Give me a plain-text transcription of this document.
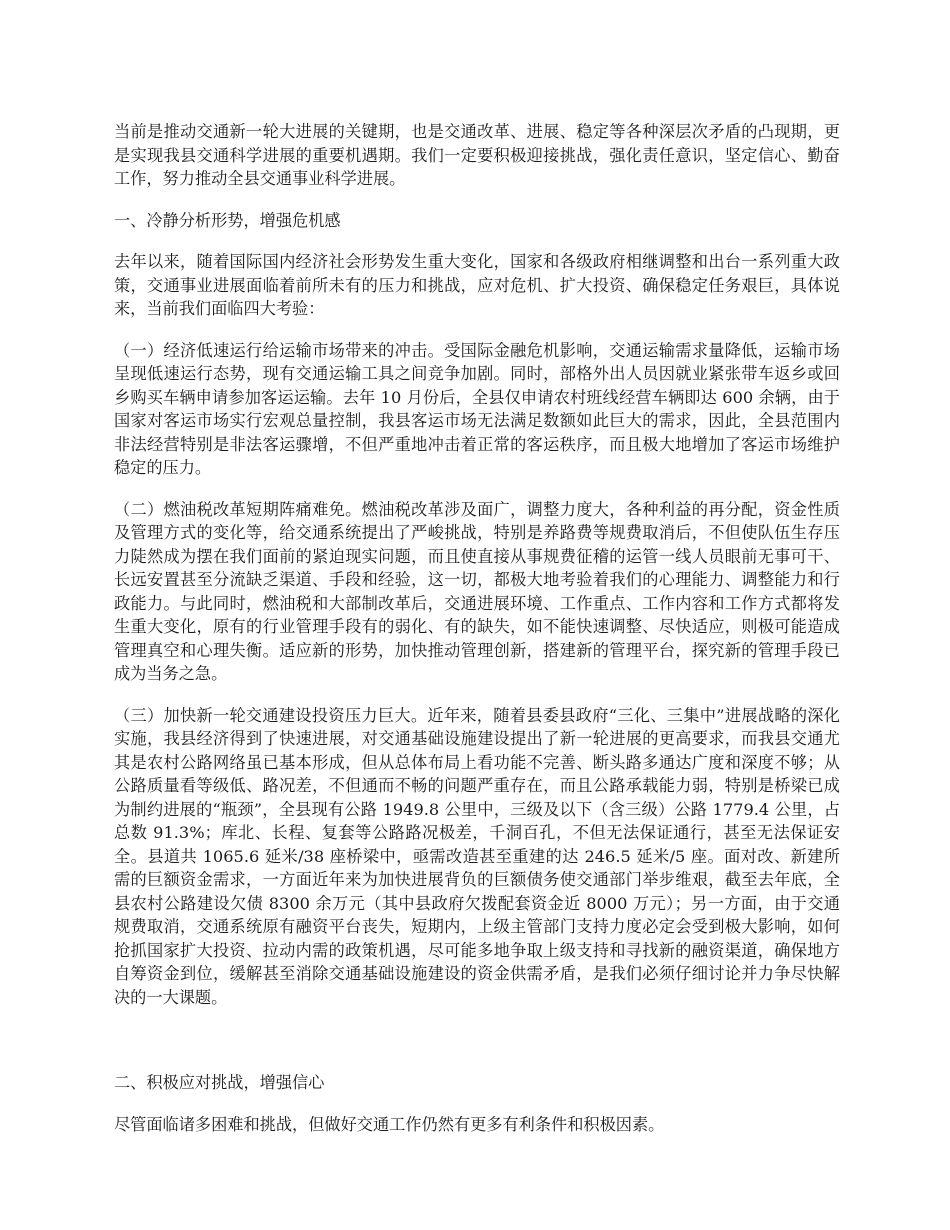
当前是推动交通新一轮大进展的关键期，也是交通改革、进展、稳定等各种深层次矛盾的凸现期，更是实现我县交通科学进展的重要机遇期。我们一定要积极迎接挑战，强化责任意识，坚定信心、勤奋工作，努力推动全县交通事业科学进展。

一、冷静分析形势，增强危机感

去年以来，随着国际国内经济社会形势发生重大变化，国家和各级政府相继调整和出台一系列重大政策，交通事业进展面临着前所未有的压力和挑战，应对危机、扩大投资、确保稳定任务艰巨，具体说来，当前我们面临四大考验：

（一）经济低速运行给运输市场带来的冲击。受国际金融危机影响，交通运输需求量降低，运输市场呈现低速运行态势，现有交通运输工具之间竞争加剧。同时，部格外出人员因就业紧张带车返乡或回乡购买车辆申请参加客运运输。去年 10 月份后，全县仅申请农村班线经营车辆即达 600 余辆，由于国家对客运市场实行宏观总量控制，我县客运市场无法满足数额如此巨大的需求，因此，全县范围内非法经营特别是非法客运骤增，不但严重地冲击着正常的客运秩序，而且极大地增加了客运市场维护稳定的压力。

（二）燃油税改革短期阵痛难免。燃油税改革涉及面广，调整力度大，各种利益的再分配，资金性质及管理方式的变化等，给交通系统提出了严峻挑战，特别是养路费等规费取消后，不但使队伍生存压力陡然成为摆在我们面前的紧迫现实问题，而且使直接从事规费征稽的运管一线人员眼前无事可干、长远安置甚至分流缺乏渠道、手段和经验，这一切，都极大地考验着我们的心理能力、调整能力和行政能力。与此同时，燃油税和大部制改革后，交通进展环境、工作重点、工作内容和工作方式都将发生重大变化，原有的行业管理手段有的弱化、有的缺失，如不能快速调整、尽快适应，则极可能造成管理真空和心理失衡。适应新的形势，加快推动管理创新，搭建新的管理平台，探究新的管理手段已成为当务之急。

（三）加快新一轮交通建设投资压力巨大。近年来，随着县委县政府“三化、三集中”进展战略的深化实施，我县经济得到了快速进展，对交通基础设施建设提出了新一轮进展的更高要求，而我县交通尤其是农村公路网络虽已基本形成，但从总体布局上看功能不完善、断头路多通达广度和深度不够；从公路质量看等级低、路况差，不但通而不畅的问题严重存在，而且公路承载能力弱，特别是桥梁已成为制约进展的“瓶颈”，全县现有公路 1949.8 公里中，三级及以下（含三级）公路 1779.4 公里，占总数 91.3%；库北、长程、复套等公路路况极差，千洞百孔，不但无法保证通行，甚至无法保证安全。县道共 1065.6 延米/38 座桥梁中，亟需改造甚至重建的达 246.5 延米/5 座。面对改、新建所需的巨额资金需求，一方面近年来为加快进展背负的巨额债务使交通部门举步维艰，截至去年底，全县农村公路建设欠债 8300 余万元（其中县政府欠拨配套资金近 8000 万元）；另一方面，由于交通规费取消，交通系统原有融资平台丧失，短期内，上级主管部门支持力度必定会受到极大影响，如何抢抓国家扩大投资、拉动内需的政策机遇，尽可能多地争取上级支持和寻找新的融资渠道，确保地方自筹资金到位，缓解甚至消除交通基础设施建设的资金供需矛盾，是我们必须仔细讨论并力争尽快解决的一大课题。

二、积极应对挑战，增强信心

尽管面临诸多困难和挑战，但做好交通工作仍然有更多有利条件和积极因素。
